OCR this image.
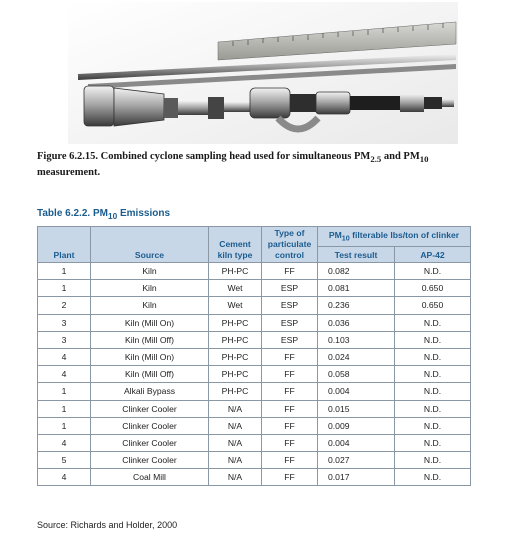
Figure 6.2.15. Combined cyclone sampling head used for simultaneous $PM_{2.5}$ and $PM_{10}$ measurement.
Table 6.2.2. $PM_{10}$ Emissions
Plant	Source	Cement kiln type	Type of particulate control	$PM_{10}$ filterable lbs/ton of clinker	
				Test result	AP-42
1	Kiln	PH-PC	FF	0.082	N.D.
1	Kiln	Wet	ESP	0.081	0.650
2	Kiln	Wet	ESP	0.236	0.650
3	Kiln (Mill On)	PH-PC	ESP	0.036	N.D.
3	Kiln (Mill Off)	PH-PC	ESP	0.103	N.D.
4	Kiln (Mill On)	PH-PC	FF	0.024	N.D.
4	Kiln (Mill Off)	PH-PC	FF	0.058	N.D.
1	Alkali Bypass	PH-PC	FF	0.004	N.D.
1	Clinker Cooler	N/A	FF	0.015	N.D.
1	Clinker Cooler	N/A	FF	0.009	N.D.
4	Clinker Cooler	N/A	FF	0.004	N.D.
5	Clinker Cooler	N/A	FF	0.027	N.D.
4	Coal Mill	N/A	FF	0.017	N.D.
Source: Richards and Holder, 2000
